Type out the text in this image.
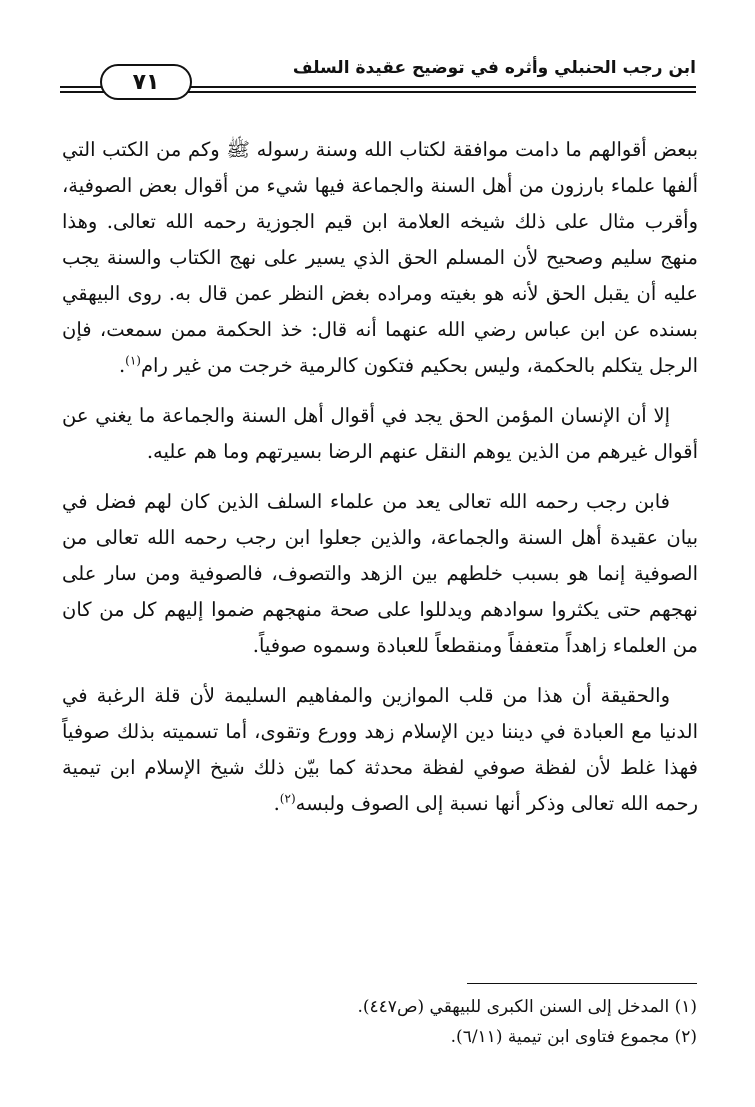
ابن رجب الحنبلي وأثره في توضيح عقيدة السلف
٧١

ببعض أقوالهم ما دامت موافقة لكتاب الله وسنة رسوله ﷺ وكم من الكتب التي ألفها علماء بارزون من أهل السنة والجماعة فيها شيء من أقوال بعض الصوفية، وأقرب مثال على ذلك شيخه العلامة ابن قيم الجوزية رحمه الله تعالى. وهذا منهج سليم وصحيح لأن المسلم الحق الذي يسير على نهج الكتاب والسنة يجب عليه أن يقبل الحق لأنه هو بغيته ومراده بغض النظر عمن قال به. روى البيهقي بسنده عن ابن عباس رضي الله عنهما أنه قال: خذ الحكمة ممن سمعت، فإن الرجل يتكلم بالحكمة، وليس بحكيم فتكون كالرمية خرجت من غير رام$^{(١)}$.

إلا أن الإنسان المؤمن الحق يجد في أقوال أهل السنة والجماعة ما يغني عن أقوال غيرهم من الذين يوهم النقل عنهم الرضا بسيرتهم وما هم عليه.

فابن رجب رحمه الله تعالى يعد من علماء السلف الذين كان لهم فضل في بيان عقيدة أهل السنة والجماعة، والذين جعلوا ابن رجب رحمه الله تعالى من الصوفية إنما هو بسبب خلطهم بين الزهد والتصوف، فالصوفية ومن سار على نهجهم حتى يكثروا سوادهم ويدللوا على صحة منهجهم ضموا إليهم كل من كان من العلماء زاهداً متعففاً ومنقطعاً للعبادة وسموه صوفياً.

والحقيقة أن هذا من قلب الموازين والمفاهيم السليمة لأن قلة الرغبة في الدنيا مع العبادة في ديننا دين الإسلام زهد وورع وتقوى، أما تسميته بذلك صوفياً فهذا غلط لأن لفظة صوفي لفظة محدثة كما بيّن ذلك شيخ الإسلام ابن تيمية رحمه الله تعالى وذكر أنها نسبة إلى الصوف ولبسه$^{(٢)}$.

(١) المدخل إلى السنن الكبرى للبيهقي (ص٤٤٧).
(٢) مجموع فتاوى ابن تيمية (٦/١١).
